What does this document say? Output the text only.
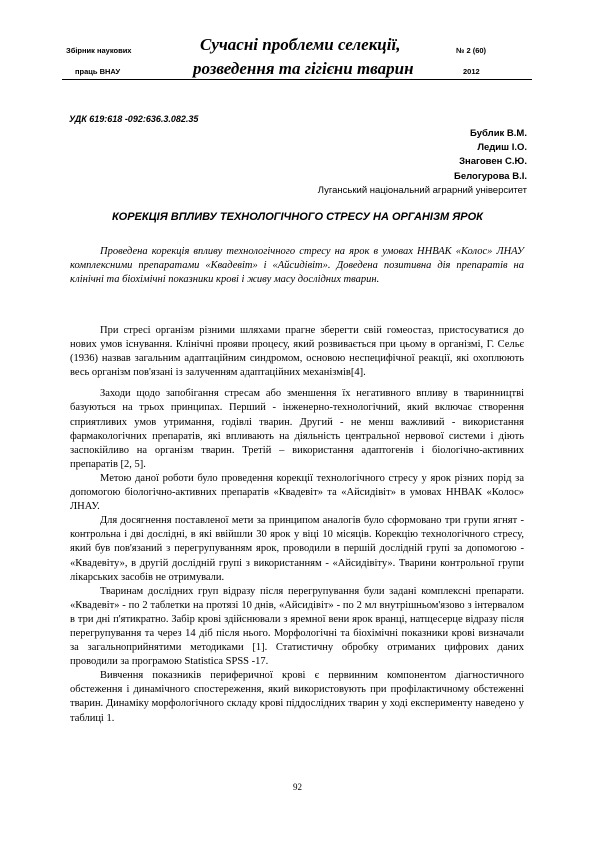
Збірник наукових
праць ВНАУ
Сучасні проблеми селекції,
розведення та гігієни тварин
№ 2 (60)
2012
УДК 619:618 -092:636.3.082.35
Бублик В.М.
Ледиш І.О.
Знаговен С.Ю.
Белогурова В.І.
Луганський національний аграрний університет
КОРЕКЦІЯ ВПЛИВУ ТЕХНОЛОГІЧНОГО СТРЕСУ НА ОРГАНІЗМ ЯРОК

Проведена корекція впливу технологічного стресу на ярок в умовах ННВАК «Колос» ЛНАУ комплексними препаратами «Квадевіт» і «Айсидівіт». Доведена позитивна дія препаратів на клінічні та біохімічні показники крові і живу масу дослідних тварин.

При стресі організм різними шляхами прагне зберегти свій гомеостаз, пристосуватися до нових умов існування. Клінічні прояви процесу, який розвивається при цьому в організмі, Г. Сельє (1936) назвав загальним адаптаційним синдромом, основою неспецифічної реакції, які охоплюють весь організм пов'язані із залученням адаптаційних механізмів[4].

Заходи щодо запобігання стресам або зменшення їх негативного впливу в тваринництві базуються на трьох принципах. Перший - інженерно-технологічний, який включає створення сприятливих умов утримання, годівлі тварин. Другий - не менш важливий - використання фармакологічних препаратів, які впливають на діяльність центральної нервової системи і діють заспокійливо на організм тварин. Третій – використання адаптогенів і біологічно-активних препаратів [2, 5].

Метою даної роботи було проведення корекції технологічного стресу у ярок різних порід за допомогою біологічно-активних препаратів «Квадевіт» та «Айсидівіт» в умовах ННВАК «Колос» ЛНАУ.

Для досягнення поставленої мети за принципом аналогів було сформовано три групи ягнят - контрольна і дві дослідні, в які ввійшли 30 ярок у віці 10 місяців. Корекцію технологічного стресу, який був пов'язаний з перегрупуванням ярок, проводили в першій дослідній групі за допомогою - «Квадевіту», в другій дослідній групі з використанням - «Айсидівіту». Тварини контрольної групи лікарських засобів не отримували.

Тваринам дослідних груп відразу після перегрупування були задані комплексні препарати. «Квадевіт» - по 2 таблетки на протязі 10 днів, «Айсидівіт» - по 2 мл внутрішньом'язово з інтервалом в три дні п'ятикратно. Забір крові здійснювали з яремної вени ярок вранці, натщесерце відразу після перегрупування та через 14 діб після нього. Морфологічні та біохімічні показники крові визначали за загальноприйнятими методиками [1]. Статистичну обробку отриманих цифрових даних проводили за програмою Statistica SPSS -17.

Вивчення показників периферичної крові є первинним компонентом діагностичного обстеження і динамічного спостереження, який використовують при профілактичному обстеженні тварин. Динаміку морфологічного складу крові піддослідних тварин у ході експерименту наведено у таблиці 1.

92
